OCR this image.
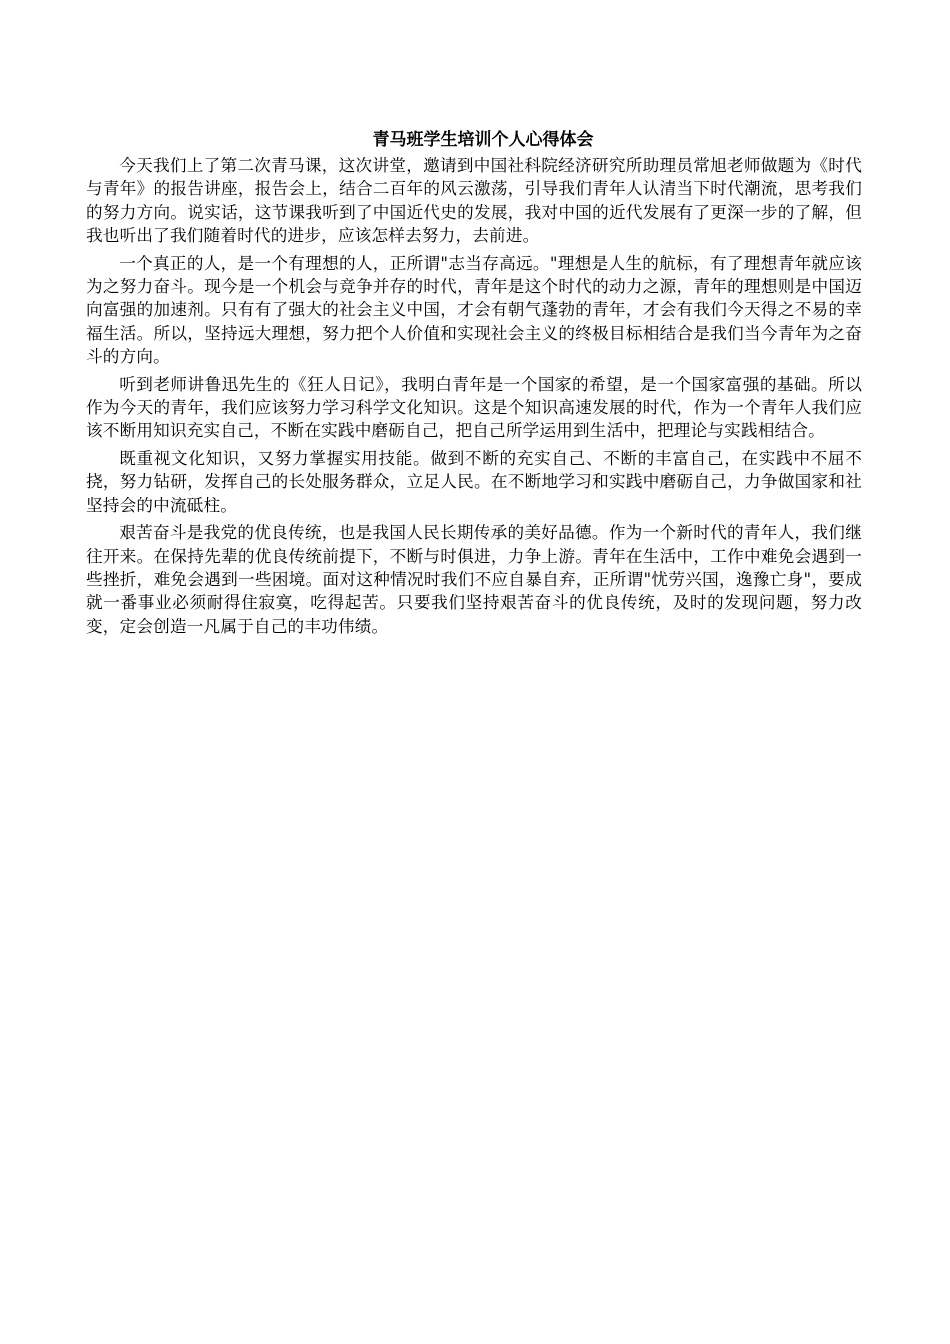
青马班学生培训个人心得体会

今天我们上了第二次青马课，这次讲堂，邀请到中国社科院经济研究所助理员常旭老师做题为《时代与青年》的报告讲座，报告会上，结合二百年的风云激荡，引导我们青年人认清当下时代潮流，思考我们的努力方向。说实话，这节课我听到了中国近代史的发展，我对中国的近代发展有了更深一步的了解，但我也听出了我们随着时代的进步，应该怎样去努力，去前进。

一个真正的人，是一个有理想的人，正所谓"志当存高远。"理想是人生的航标，有了理想青年就应该为之努力奋斗。现今是一个机会与竞争并存的时代，青年是这个时代的动力之源，青年的理想则是中国迈向富强的加速剂。只有有了强大的社会主义中国，才会有朝气蓬勃的青年，才会有我们今天得之不易的幸福生活。所以，坚持远大理想，努力把个人价值和实现社会主义的终极目标相结合是我们当今青年为之奋斗的方向。

听到老师讲鲁迅先生的《狂人日记》，我明白青年是一个国家的希望，是一个国家富强的基础。所以作为今天的青年，我们应该努力学习科学文化知识。这是个知识高速发展的时代，作为一个青年人我们应该不断用知识充实自己，不断在实践中磨砺自己，把自己所学运用到生活中，把理论与实践相结合。

既重视文化知识，又努力掌握实用技能。做到不断的充实自己、不断的丰富自己，在实践中不屈不挠，努力钻研，发挥自己的长处服务群众，立足人民。在不断地学习和实践中磨砺自己，力争做国家和社坚持会的中流砥柱。

艰苦奋斗是我党的优良传统，也是我国人民长期传承的美好品德。作为一个新时代的青年人，我们继往开来。在保持先辈的优良传统前提下，不断与时俱进，力争上游。青年在生活中，工作中难免会遇到一些挫折，难免会遇到一些困境。面对这种情况时我们不应自暴自弃，正所谓"忧劳兴国，逸豫亡身"，要成就一番事业必须耐得住寂寞，吃得起苦。只要我们坚持艰苦奋斗的优良传统，及时的发现问题，努力改变，定会创造一凡属于自己的丰功伟绩。
